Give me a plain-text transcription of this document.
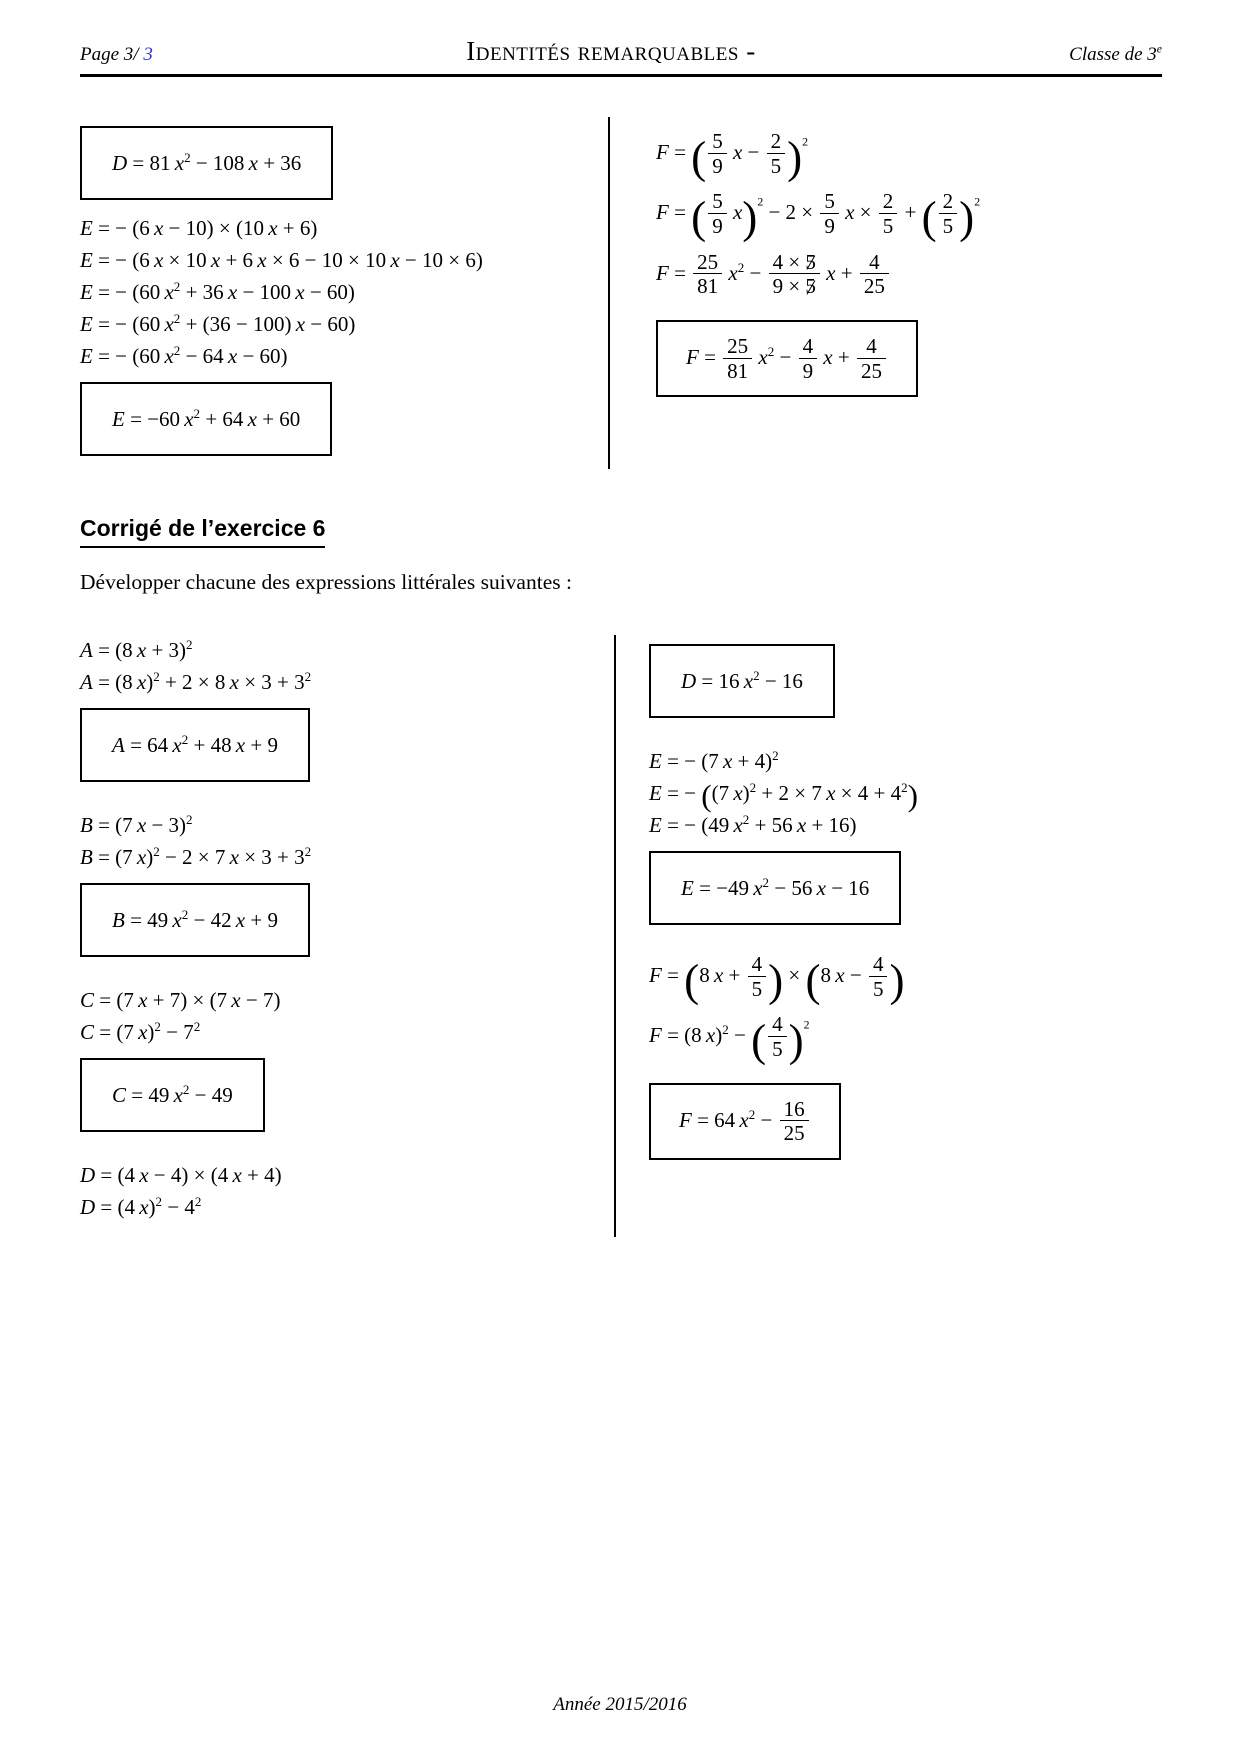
Page 3/ 3	Identités remarquables -	Classe de 3e
D = 81 $x^2 - 108$ x + 36
E = − (6 x − 10) × (10 x + 6)
E = − (6 x × 10 x + 6 x × 6 − 10 × 10 x − 10 × 6)
E = − (60 $x^2 + 36$ x − 100 x − 60)
E = − (60 $x^2 + (36 - 100) x - 60$)
E = − (60 $x^2 - 64$ x − 60)
E = −60 $x^2 + 64$ x + 60
F = ( $\frac{5}{9}$
  $x - \frac{2}{5} )^2$
F = ( $\frac{5}{9}$
  $x)^2 - 2 \times \frac{5}{9}$
  $x \times \frac{2}{5}$ + ( $\frac{2}{5} )^2$
$F = \frac{25}{81}$
  $x^2 - \frac{4 \times 5}{9 \times 5}$
  $x + \frac{4}{25}$
$F = \frac{25}{81}$
  $x^2 - \frac{4}{9}$
  $x + \frac{4}{25}$
Corrigé de l’exercice 6

Développer chacune des expressions littérales suivantes :

A = (8 x + 3)$^2$
A = (8 x)$^2$ + 2 × 8 $x \times 3 + 3^2$
A = 64 $x^2 + 48$ x + 9
B = (7 x − 3)$^2$
B = (7 x)$^2$ − 2 × 7 $x \times 3 + 3^2$
B = 49 $x^2 - 42$ x + 9
C = (7 x + 7) × (7 x − 7)
C = (7 $x)^2 - 7^2$
C = 49 $x^2 - 49$
D = (4 x − 4) × (4 x + 4)
D = (4 $x)^2 - 4^2$
D = 16 $x^2 - 16$
E = − (7 x + 4)$^2$
E = − ((7 x)$^2$ + 2 × 7 $x \times 4 + 4^2$)
E = − (49 $x^2 + 56$ x + 16)
E = −49 $x^2 - 56$ x − 16
F = (8 $x + \frac{4}{5}$ ) × (8 $x - \frac{4}{5}$ )
F = (8 x)$^2$ − ( $\frac{4}{5} )^2$
F = 64 $x^2 - \frac{16}{25}$
Année 2015/2016
